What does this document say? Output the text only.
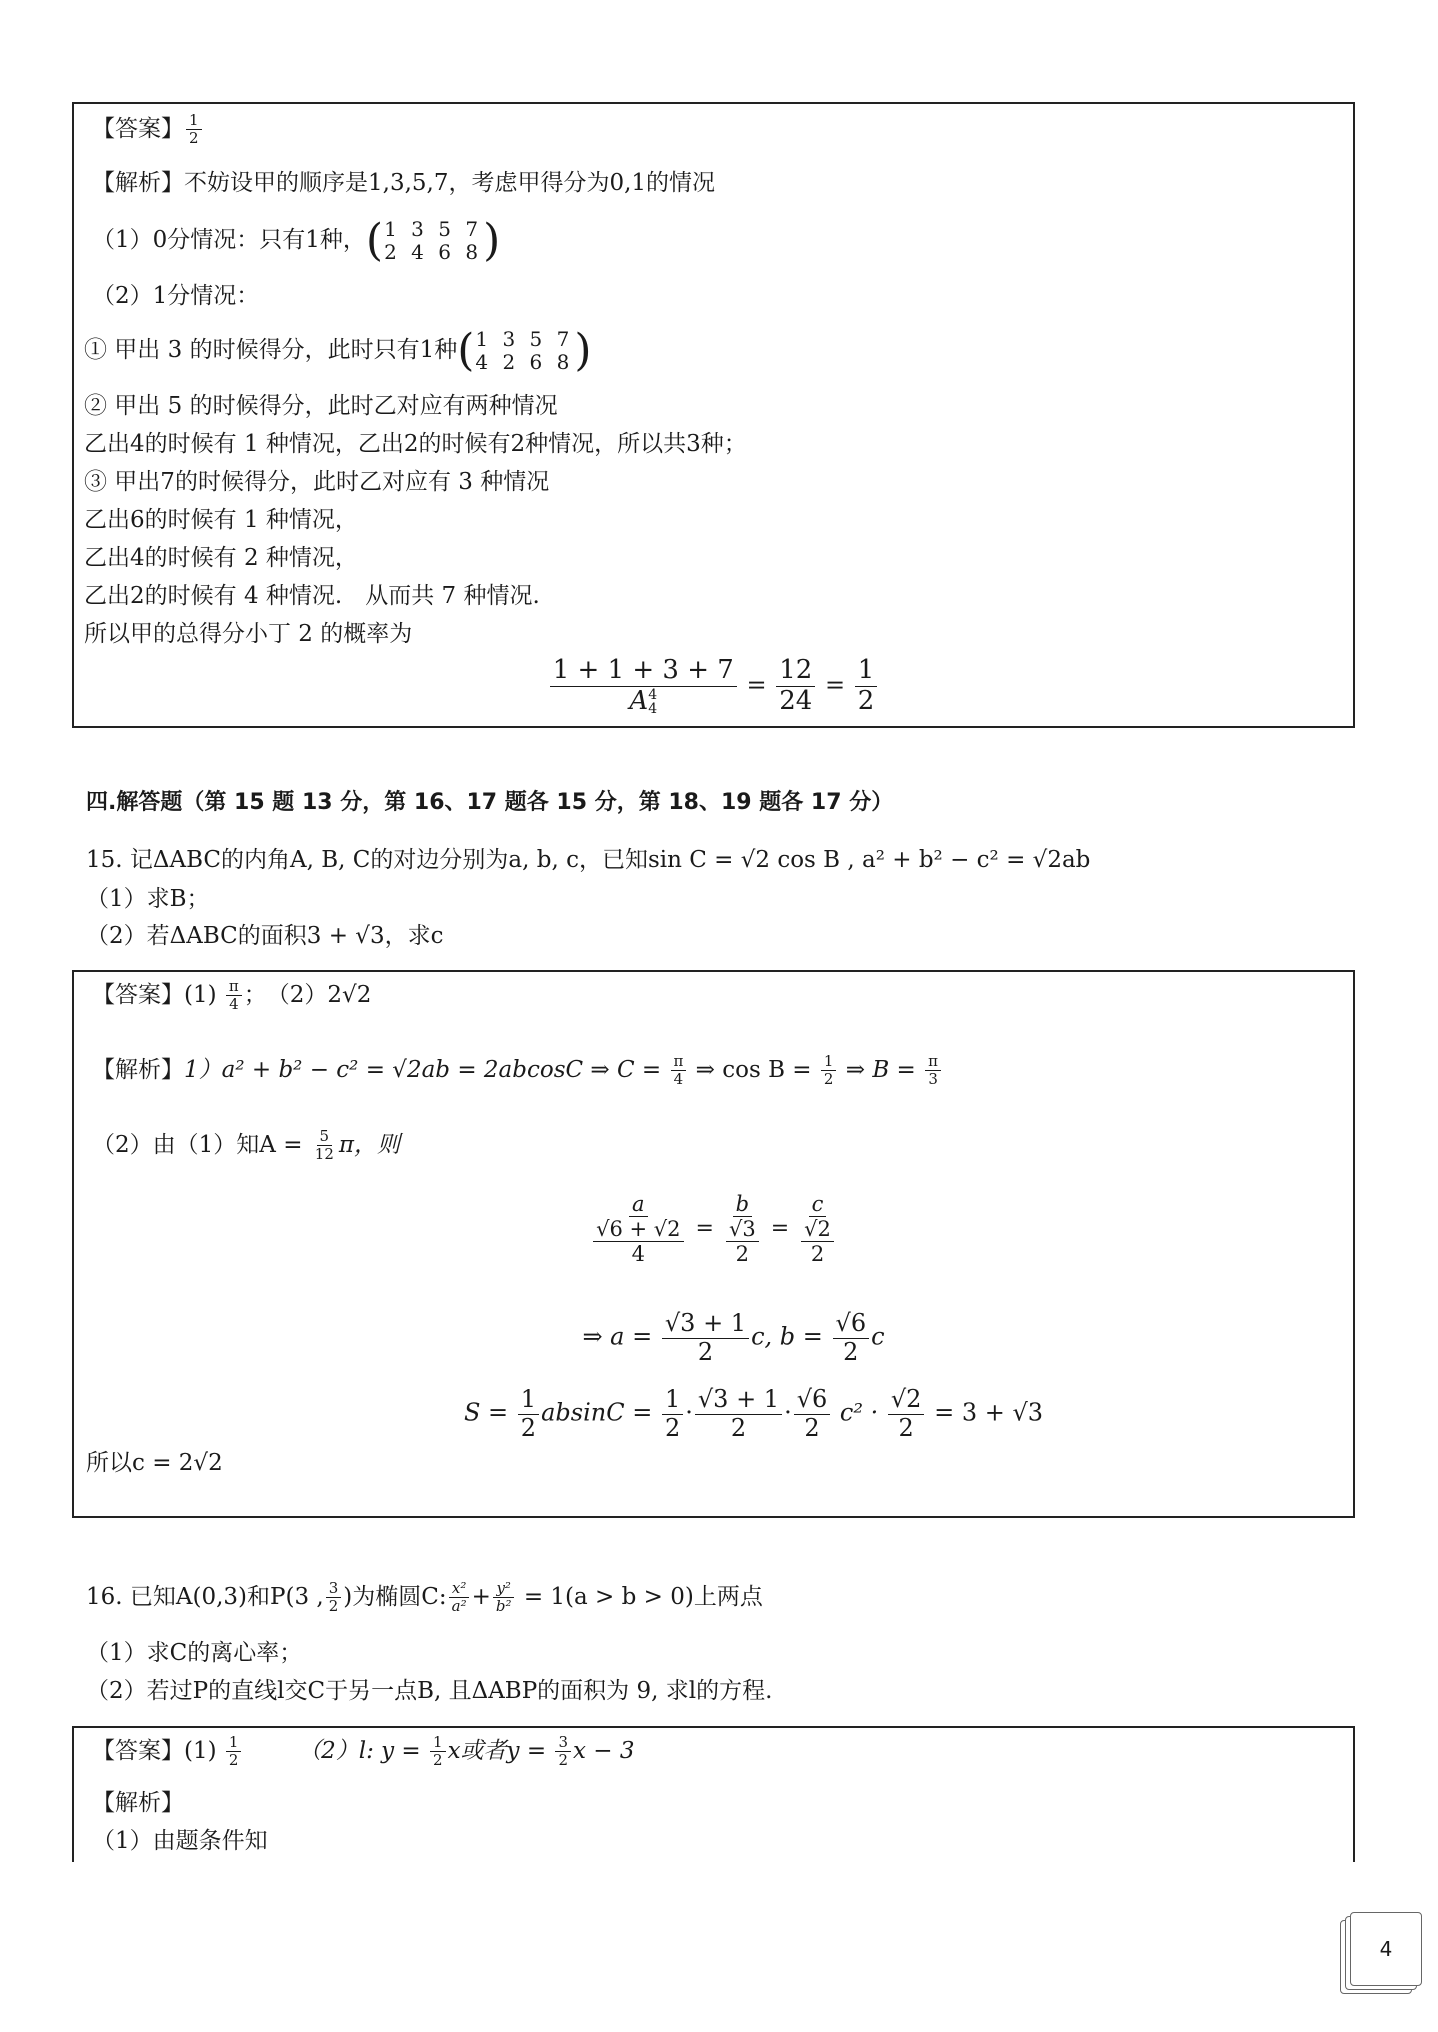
【答案】 $\frac{1}{2}$
【解析】不妨设甲的顺序是1,3,5,7，考虑甲得分为0,1的情况
（1）0分情况：只有1种， ( 1 3 5 7
2 4 6 8 )
（2）1分情况：
① 甲出 3 的时候得分，此时只有1种 ( 1 3 5 7
4 2 6 8 )
② 甲出 5 的时候得分，此时乙对应有两种情况
乙出4的时候有 1 种情况，乙出2的时候有2种情况，所以共3种；
③ 甲出7的时候得分，此时乙对应有 3 种情况
乙出6的时候有 1 种情况，
乙出4的时候有 2 种情况，
乙出2的时候有 4 种情况.　从而共 7 种情况.
所以甲的总得分小丁 2 的概率为
1 + 1 + 3 + 7
A 4
$4 = \frac{12}{24} = \frac{1}{2}$
四.解答题（第 15 题 13 分，第 16、17 题各 15 分，第 18、19 题各 17 分）
15. 记ΔABC的内角A, B, C的对边分别为a, b, c，已知sin C = √2 cos B , a² + b² − c² = √2ab
（1）求B；
（2）若ΔABC的面积3 + √3，求c
【答案】$(1) \frac{\pi}{4}$ ；　（2）2√2
【解析】1）a² + b² − c² = √2ab = 2abcosC ⇒ $C = \frac{\pi}{4}$ ⇒ $\cos B = \frac{1}{2}$ ⇒ $B = \frac{\pi}{3}$
（2）由（1）知$A = \frac{5}{12}$ π，则
$\frac{a}{\frac{√6 + √2}{4}} = \frac{b}{\frac{√3}{2}} = \frac{c}{\frac{√2}{2}}$
⇒ $a = \frac{√3 + 1}{2} c$, $b = \frac{√6}{2}$ c
$S = \frac{1}{2}$ $absinC = \frac{1}{2} \cdot \frac{√3 + 1}{2} \cdot \frac{√6}{2} c^2 \cdot \frac{√2}{2} = 3 + √3$
所以c = 2√2
16. 已知A(0,3)和P(3 , $\frac{3}{2}$ )为椭圆C: $\frac{\text{x²}}{\text{a²}} + \frac{\text{y²}}{\text{b²}} = 1(a > b > 0)$上两点
（1）求C的离心率；
（2）若过P的直线l交C于另一点B, 且ΔABP的面积为 9, 求l的方程.
【答案】$(1) \frac{1}{2} (2)l$: $y = \frac{1}{2}$ x或者$y = \frac{3}{2}$ x − 3
【解析】
（1）由题条件知
4
